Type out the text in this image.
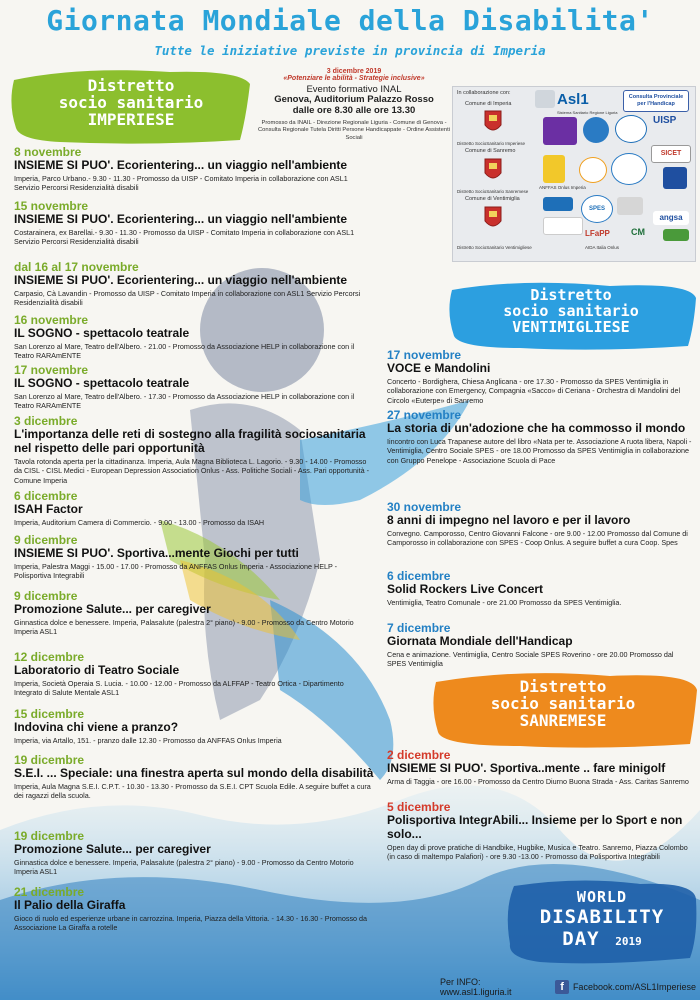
Giornata Mondiale della Disabilita'
Tutte le iniziative previste in provincia di Imperia
Distretto
socio sanitario
IMPERIESE
Distretto
socio sanitario
VENTIMIGLIESE
Distretto
socio sanitario
SANREMESE
3 dicembre 2019
«Potenziare le abilità - Strategie inclusive»
Evento formativo INAL
Genova, Auditorium Palazzo Rosso
dalle ore 8.30 alle ore 13.30
Promosso da INAIL - Direzione Regionale Liguria - Comune di Genova - Consulta Regionale Tutela Diritti Persone Handicappate - Ordine Assistenti Sociali
In collaborazione con:	Asl1
Sistema Sanitario Regione Liguria
Consulta Provinciale per l'Handicap
Comune di Imperia
UISP
Distretto SocioSanitario Imperiese
Comune di Sanremo
ANFFAS Onlus Imperia
SICET
Distretto SocioSanitario Sanremese
Comune di Ventimiglia
SPES
angsa
Distretto SocioSanitario Ventimigliese
LFaPP	CM
AIDA Italia Onlus
8 novembre
INSIEME SI PUO'. Ecorientering... un viaggio nell'ambiente
Imperia, Parco Urbano.- 9.30 - 11.30 - Promosso da UISP - Comitato Imperia in collaborazione con ASL1 Servizio Percorsi Residenzialità disabili
15 novembre
INSIEME SI PUO'. Ecorientering... un viaggio nell'ambiente
Costarainera, ex Barellai.- 9.30 - 11.30 - Promosso da UISP - Comitato Imperia in collaborazione con ASL1 Servizio Percorsi Residenzialità disabili
dal 16 al 17 novembre
INSIEME SI PUO'. Ecorientering... un viaggio nell'ambiente
Carpasio, Cà Lavandin - Promosso da UISP - Comitato Imperia in collaborazione con ASL1 Servizio Percorsi Residenzialità disabili
16 novembre
IL SOGNO - spettacolo teatrale
San Lorenzo al Mare, Teatro dell'Albero. - 21.00 - Promosso da Associazione HELP in collaborazione con il Teatro RARAmENTE
17 novembre
IL SOGNO - spettacolo teatrale
San Lorenzo al Mare, Teatro dell'Albero. - 17.30 - Promosso da Associazione HELP in collaborazione con il Teatro RARAmENTE
3 dicembre
L'importanza delle reti di sostegno alla fragilità sociosanitaria nel rispetto delle pari opportunità
Tavola rotonda aperta per la cittadinanza. Imperia, Aula Magna Biblioteca L. Lagorio. - 9.30 - 14.00 - Promosso da CISL - CISL Medici - European Depression Association Onlus - Ass. Politiche Sociali - Ass. Pari opportunità - Comune Imperia
6 dicembre
ISAH Factor
Imperia, Auditorium Camera di Commercio. - 9.00 - 13.00 - Promosso da ISAH
9 dicembre
INSIEME SI PUO'. Sportiva...mente Giochi per tutti
Imperia, Palestra Maggi - 15.00 - 17.00 - Promosso da ANFFAS Onlus Imperia - Associazione HELP - Polisportiva Integrabili
9 dicembre
Promozione Salute... per caregiver
Ginnastica dolce e benessere. Imperia, Palasalute (palestra 2° piano) - 9.00 - Promosso da Centro Motorio Imperia ASL1
12 dicembre
Laboratorio di Teatro Sociale
Imperia, Società Operaia S. Lucia. - 10.00 - 12.00 - Promosso da ALFFAP - Teatro Ortica - Dipartimento Integrato di Salute Mentale ASL1
15 dicembre
Indovina chi viene a pranzo?
Imperia, via Artallo, 151. - pranzo dalle 12.30 - Promosso da ANFFAS Onlus Imperia
19 dicembre
S.E.I. ... Speciale: una finestra aperta sul mondo della disabilità
Imperia, Aula Magna S.E.I. C.P.T. - 10.30 - 13.30 - Promosso da S.E.I. CPT Scuola Edile. A seguire buffet a cura dei ragazzi della scuola.
19 dicembre
Promozione Salute... per caregiver
Ginnastica dolce e benessere. Imperia, Palasalute (palestra 2° piano) - 9.00 - Promosso da Centro Motorio Imperia ASL1
21 dicembre
Il Palio della Giraffa
Gioco di ruolo ed esperienze urbane in carrozzina. Imperia, Piazza della Vittoria. - 14.30 - 16.30 - Promosso da Associazione La Giraffa a rotelle
17 novembre
VOCE e Mandolini
Concerto - Bordighera, Chiesa Anglicana - ore 17.30 - Promosso da SPES Ventimiglia in collaborazione con Emergency, Compagnia «Sacco» di Ceriana - Orchestra di Mandolini del Circolo «Euterpe» di Sanremo
27 novembre
La storia di un'adozione che ha commosso il mondo
Iincontro con Luca Trapanese autore del libro «Nata per te. Associazione A ruota libera, Napoli - Ventimiglia, Centro Sociale SPES - ore 18.00 Promosso da SPES Ventimiglia in collaborazione con Gruppo Penelope - Associazione Scuola di Pace
30 novembre
8 anni di impegno nel lavoro e per il lavoro
Convegno. Camporosso, Centro Giovanni Falcone - ore 9.00 - 12.00 Promosso dal Comune di Camporosso in collaborazione con SPES - Coop Onlus. A seguire buffet a cura Coop. Spes
6 dicembre
Solid Rockers Live Concert
Ventimiglia, Teatro Comunale - ore 21.00 Promosso da SPES Ventimiglia.
7 dicembre
Giornata Mondiale dell'Handicap
Cena e animazione. Ventimiglia, Centro Sociale SPES Roverino - ore 20.00 Promosso dal SPES Ventimiglia
2 dicembre
INSIEME SI PUO'. Sportiva..mente .. fare minigolf
Arma di Taggia - ore 16.00 - Promosso da Centro Diurno Buona Strada - Ass. Caritas Sanremo
5 dicembre
Polisportiva IntegrAbili... Insieme per lo Sport e non solo...
Open day di prove pratiche di Handbike, Hugbike, Musica e Teatro. Sanremo, Piazza Colombo (in caso di maltempo Palafiori) - ore 9.30 -13.00 - Promosso da Polisportiva Integrabili
WORLD
DISABILITY
DAY 2019
Per INFO: www.asl1.liguria.it	f Facebook.com/ASL1Imperiese
